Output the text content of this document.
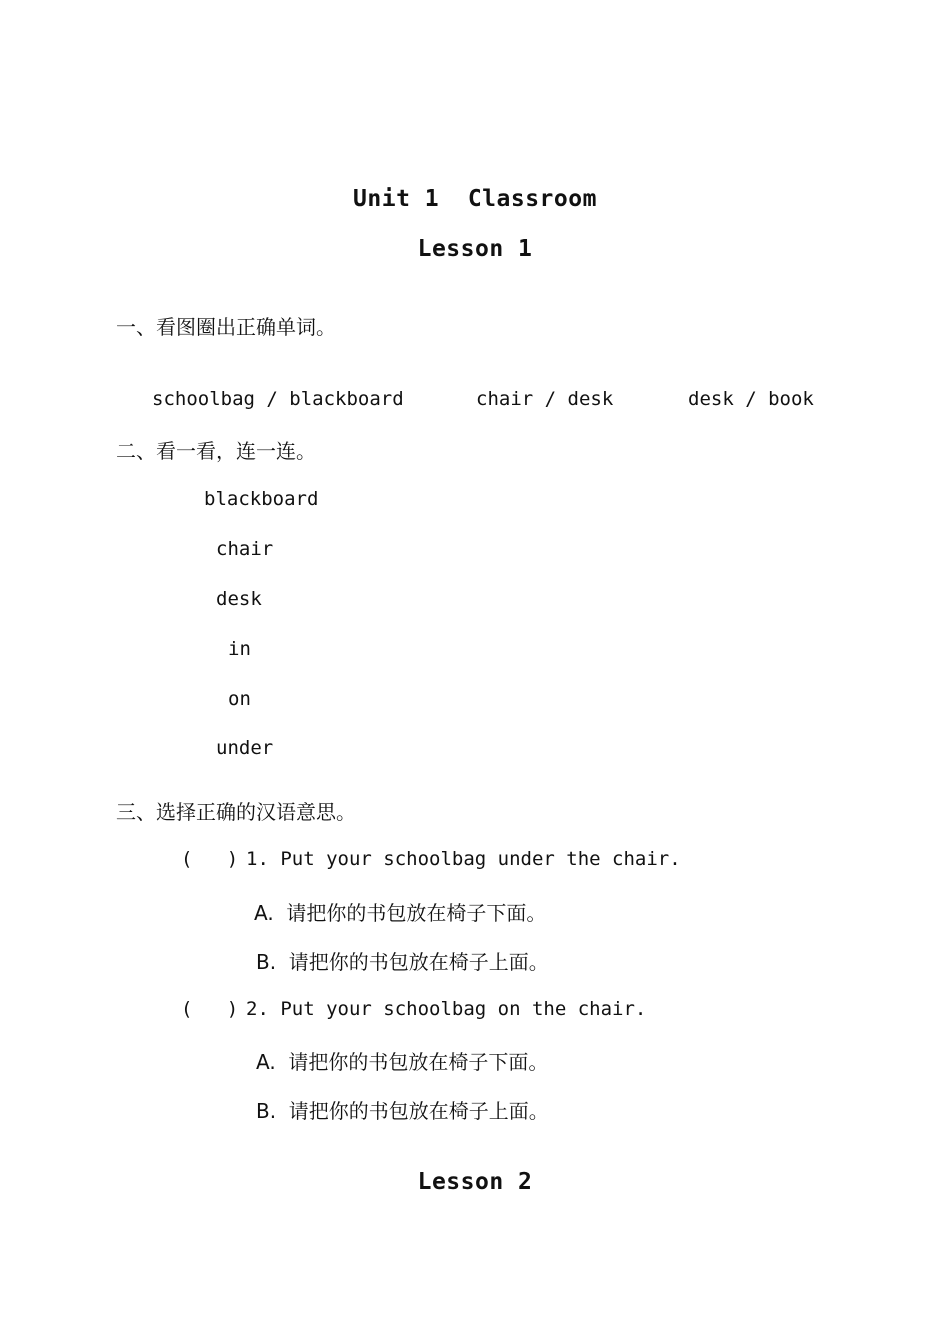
Unit 1  Classroom
Lesson 1
一、看图圈出正确单词。
schoolbag / blackboard	chair / desk	desk / book
二、看一看，连一连。
blackboard
chair
desk
in
on
under
三、选择正确的汉语意思。
(   ) 1. Put your schoolbag under the chair.
A.  请把你的书包放在椅子下面。
B.  请把你的书包放在椅子上面。
(   ) 2. Put your schoolbag on the chair.
A.  请把你的书包放在椅子下面。
B.  请把你的书包放在椅子上面。
Lesson 2
